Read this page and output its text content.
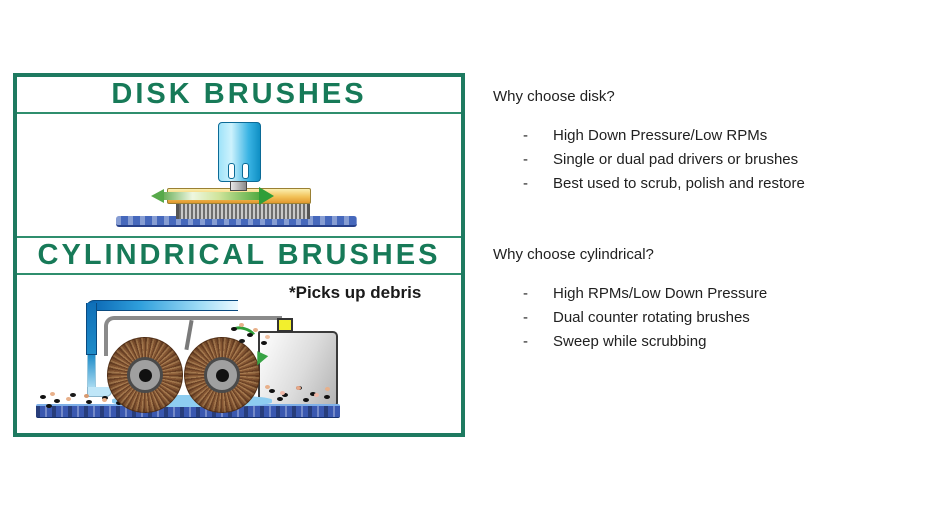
DISK BRUSHES
CYLINDRICAL BRUSHES
*Picks up debris
Why choose disk?
-	High Down Pressure/Low RPMs
-	Single or dual pad drivers or brushes
-	Best used to scrub, polish and restore
Why choose cylindrical?
-	High RPMs/Low Down Pressure
-	Dual counter rotating brushes
-	Sweep while scrubbing
